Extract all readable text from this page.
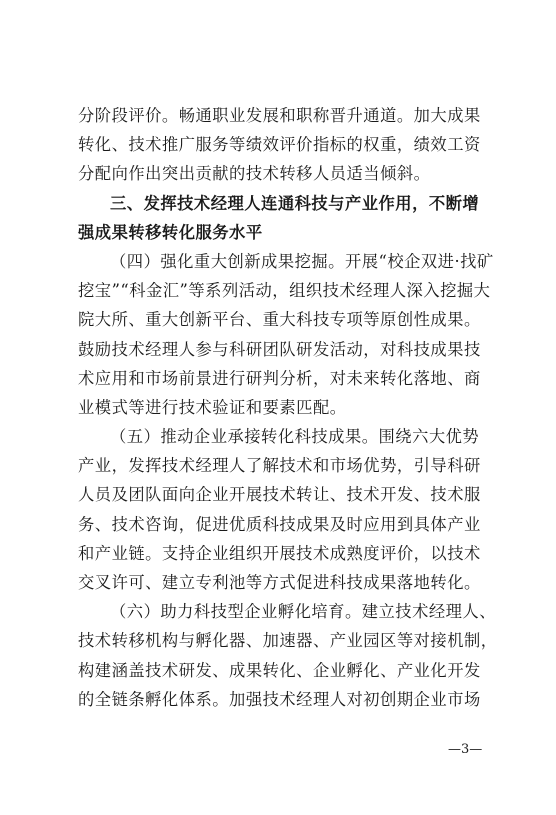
分阶段评价。畅通职业发展和职称晋升通道。加大成果
转化、技术推广服务等绩效评价指标的权重，绩效工资
分配向作出突出贡献的技术转移人员适当倾斜。
三、发挥技术经理人连通科技与产业作用，不断增
强成果转移转化服务水平
（四）强化重大创新成果挖掘。开展“校企双进·找矿
挖宝”“科金汇”等系列活动，组织技术经理人深入挖掘大
院大所、重大创新平台、重大科技专项等原创性成果。
鼓励技术经理人参与科研团队研发活动，对科技成果技
术应用和市场前景进行研判分析，对未来转化落地、商
业模式等进行技术验证和要素匹配。
（五）推动企业承接转化科技成果。围绕六大优势
产业，发挥技术经理人了解技术和市场优势，引导科研
人员及团队面向企业开展技术转让、技术开发、技术服
务、技术咨询，促进优质科技成果及时应用到具体产业
和产业链。支持企业组织开展技术成熟度评价，以技术
交叉许可、建立专利池等方式促进科技成果落地转化。
（六）助力科技型企业孵化培育。建立技术经理人、
技术转移机构与孵化器、加速器、产业园区等对接机制，
构建涵盖技术研发、成果转化、企业孵化、产业化开发
的全链条孵化体系。加强技术经理人对初创期企业市场
—3—
